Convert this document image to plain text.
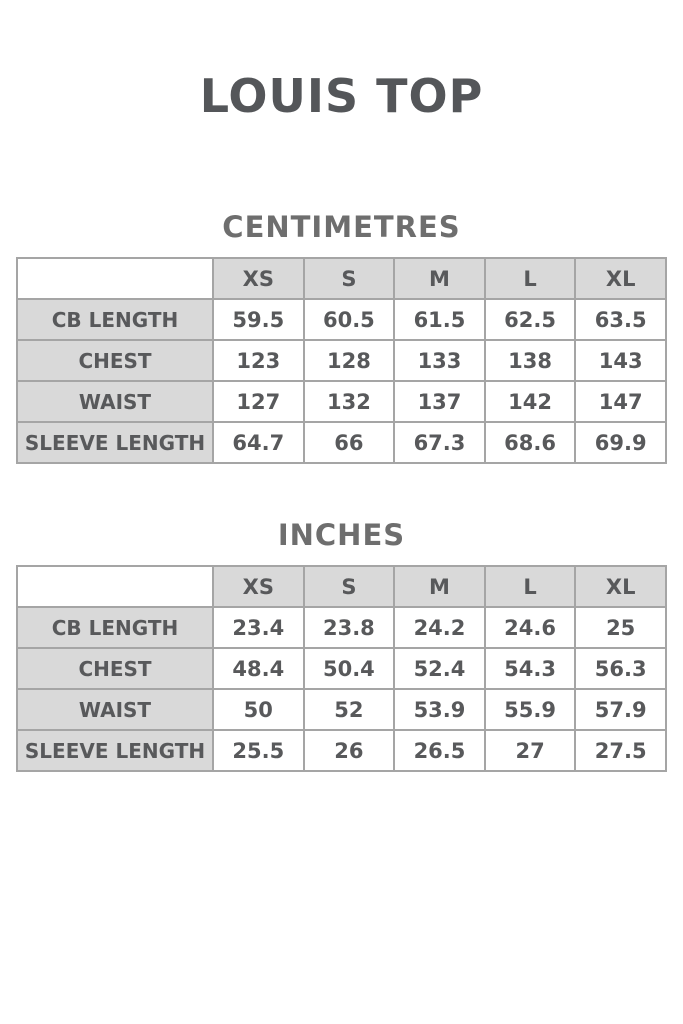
LOUIS TOP
CENTIMETRES
	XS	S	M	L	XL
CB LENGTH	59.5	60.5	61.5	62.5	63.5
CHEST	123	128	133	138	143
WAIST	127	132	137	142	147
SLEEVE LENGTH	64.7	66	67.3	68.6	69.9
INCHES
	XS	S	M	L	XL
CB LENGTH	23.4	23.8	24.2	24.6	25
CHEST	48.4	50.4	52.4	54.3	56.3
WAIST	50	52	53.9	55.9	57.9
SLEEVE LENGTH	25.5	26	26.5	27	27.5
